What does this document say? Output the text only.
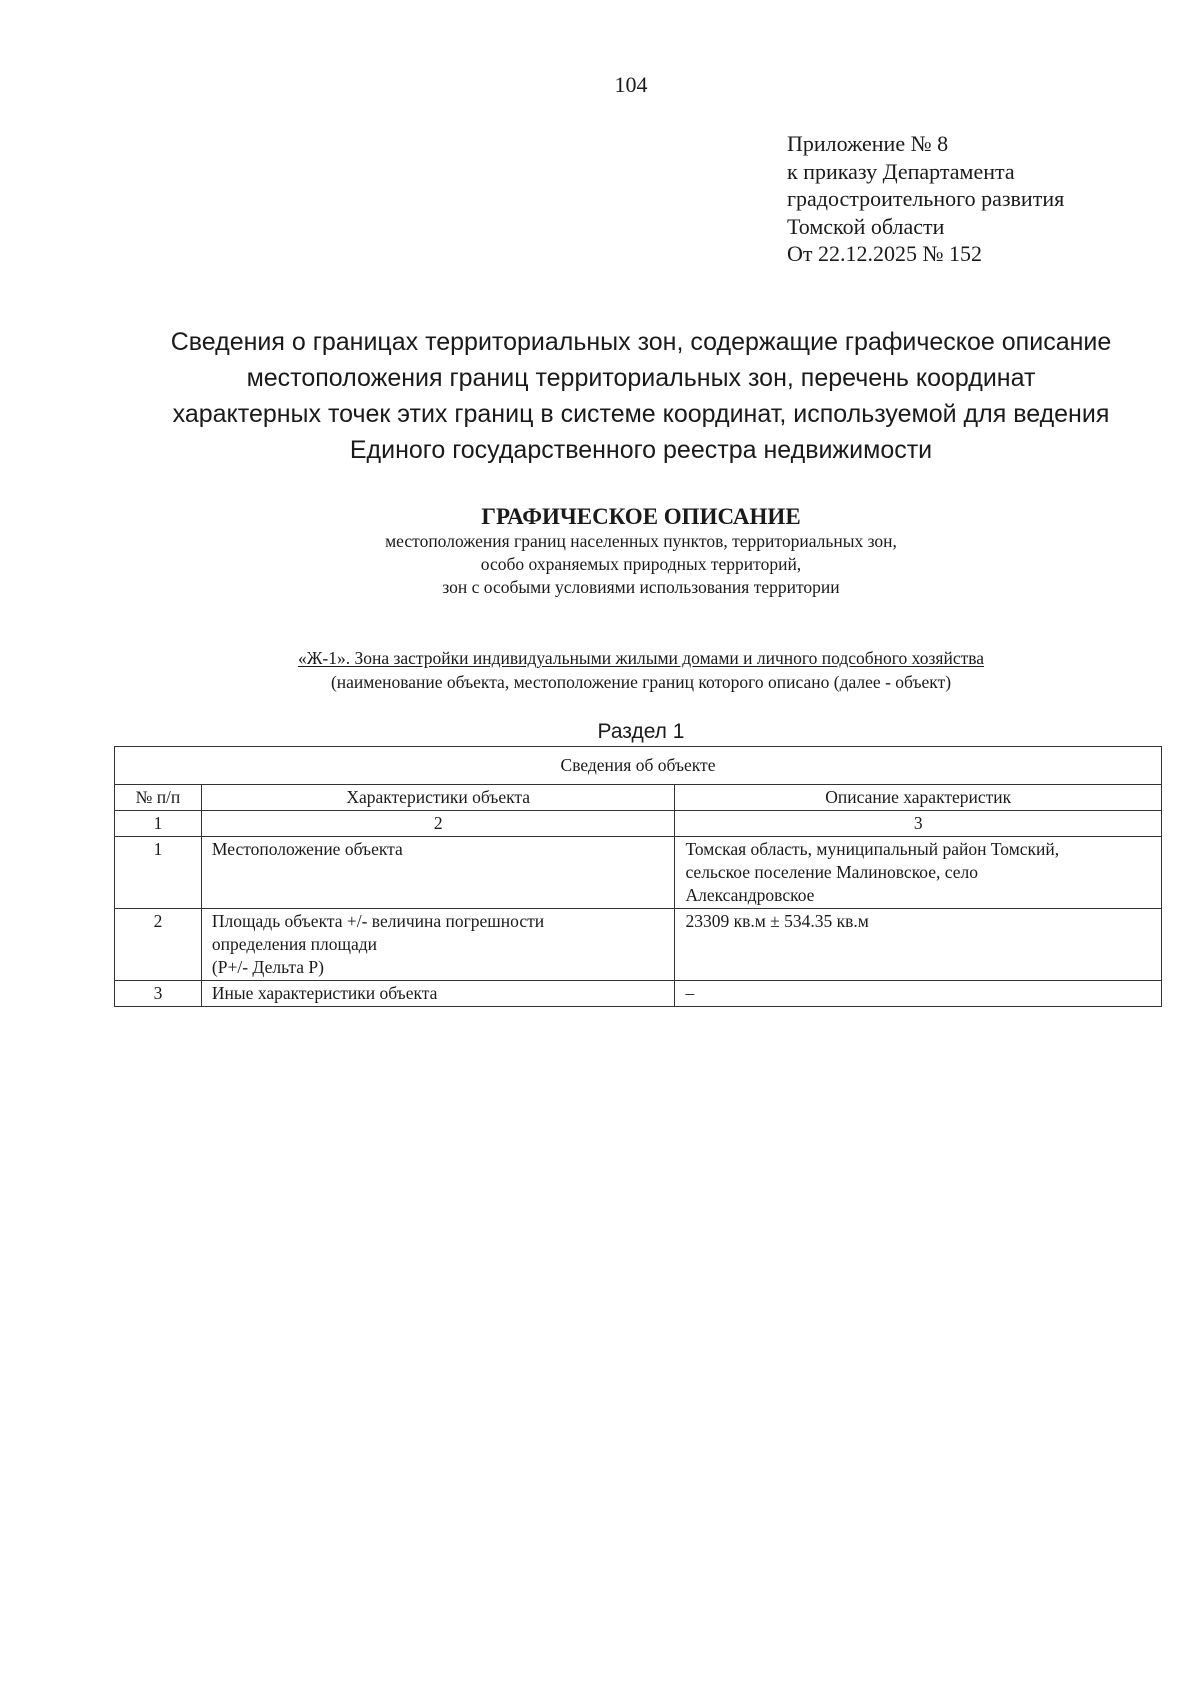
104
Приложение № 8
к приказу Департамента
градостроительного развития
Томской области
От 22.12.2025 № 152
Сведения о границах территориальных зон, содержащие графическое описание
местоположения границ территориальных зон, перечень координат
характерных точек этих границ в системе координат, используемой для ведения
Единого государственного реестра недвижимости
ГРАФИЧЕСКОЕ ОПИСАНИЕ
местоположения границ населенных пунктов, территориальных зон,
особо охраняемых природных территорий,
зон с особыми условиями использования территории
«Ж-1». Зона застройки индивидуальными жилыми домами и личного подсобного хозяйства
(наименование объекта, местоположение границ которого описано (далее - объект)
Раздел 1
Сведения об объекте		
№ п/п	Характеристики объекта	Описание характеристик
1	2	3
1	Местоположение объекта	Томская область, муниципальный район Томский,
сельское поселение Малиновское, село
Александровское

2	Площадь объекта +/- величина погрешности
определения площади
(P+/- Дельта P)	23309 кв.м ± 534.35 кв.м

3	Иные характеристики объекта	–
